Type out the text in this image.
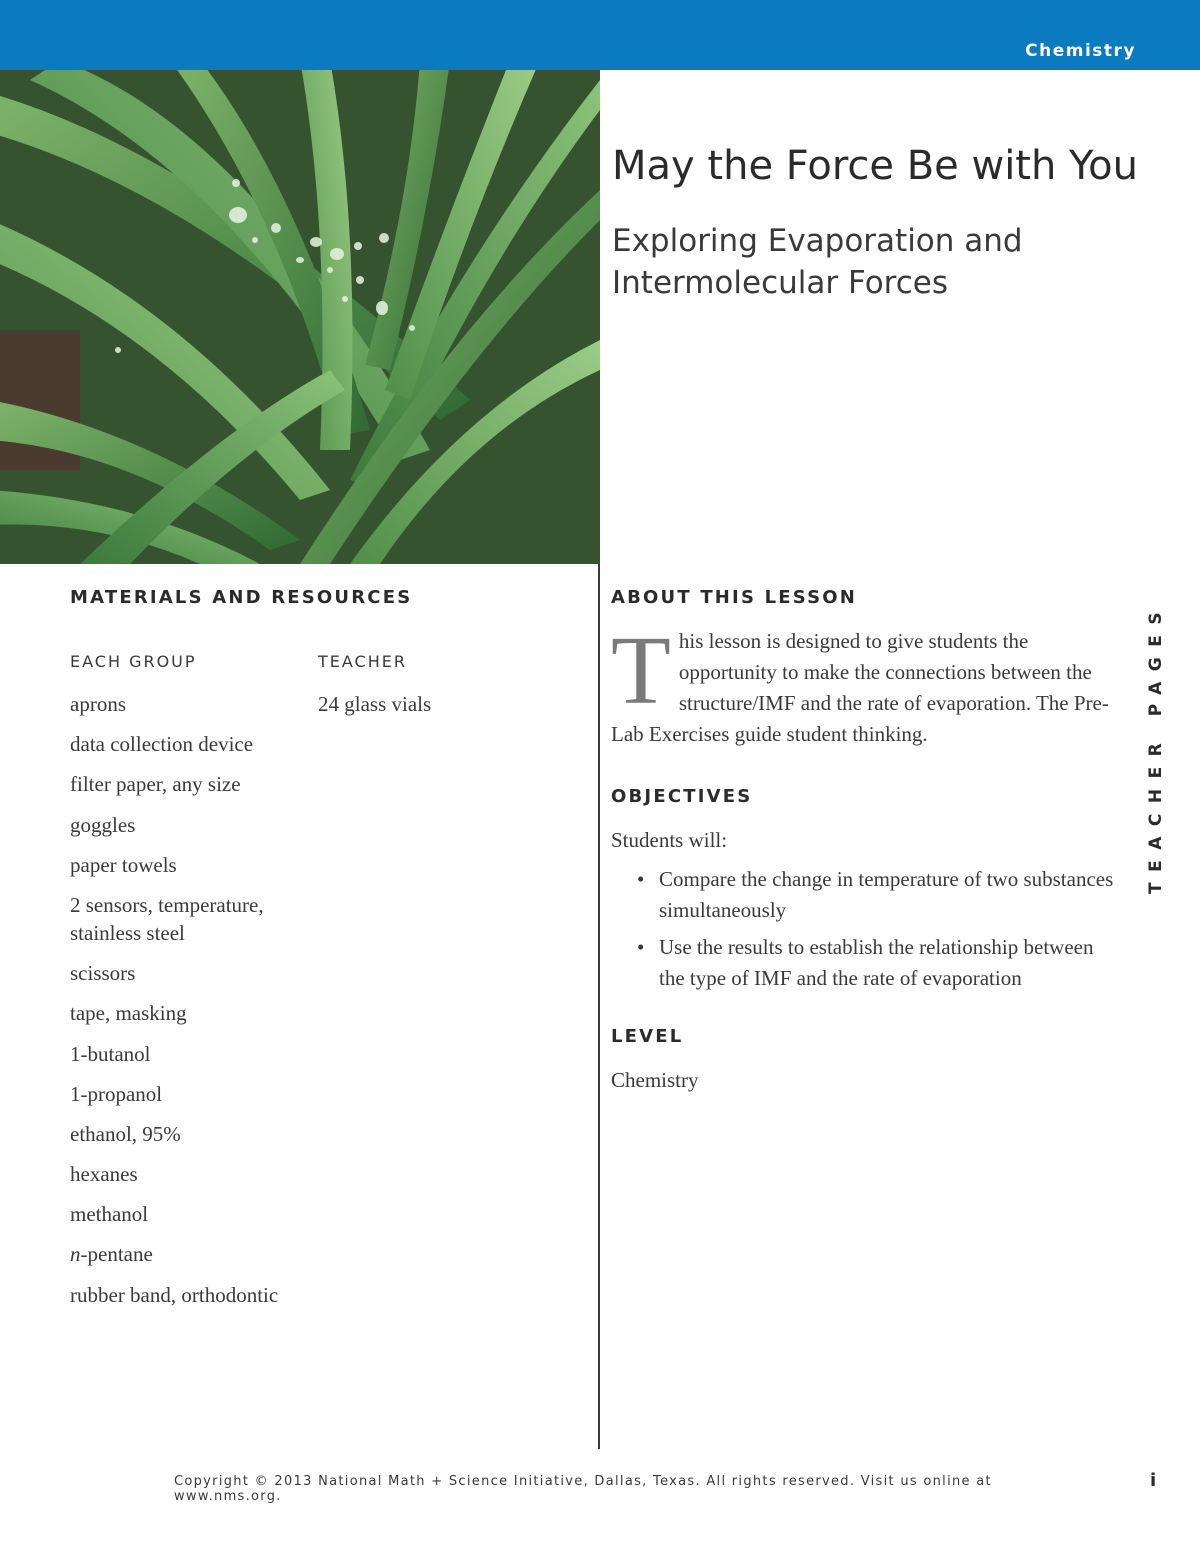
Chemistry
May the Force Be with You
Exploring Evaporation and Intermolecular Forces
MATERIALS AND RESOURCES
EACH GROUP	TEACHER
aprons
data collection device
filter paper, any size
goggles
paper towels
2 sensors, temperature, stainless steel
scissors
tape, masking
1-butanol
1-propanol
ethanol, 95%
hexanes
methanol
n-pentane
rubber band, orthodontic
24 glass vials
ABOUT THIS LESSON

T his lesson is designed to give students the opportunity to make the connections between the structure/IMF and the rate of evaporation. The Pre-Lab Exercises guide student thinking.

OBJECTIVES

Students will:

• Compare the change in temperature of two substances simultaneously
• Use the results to establish the relationship between the type of IMF and the rate of evaporation
LEVEL

Chemistry

TEACHER PAGES
Copyright © 2013 National Math + Science Initiative, Dallas, Texas. All rights reserved. Visit us online at www.nms.org.
i
